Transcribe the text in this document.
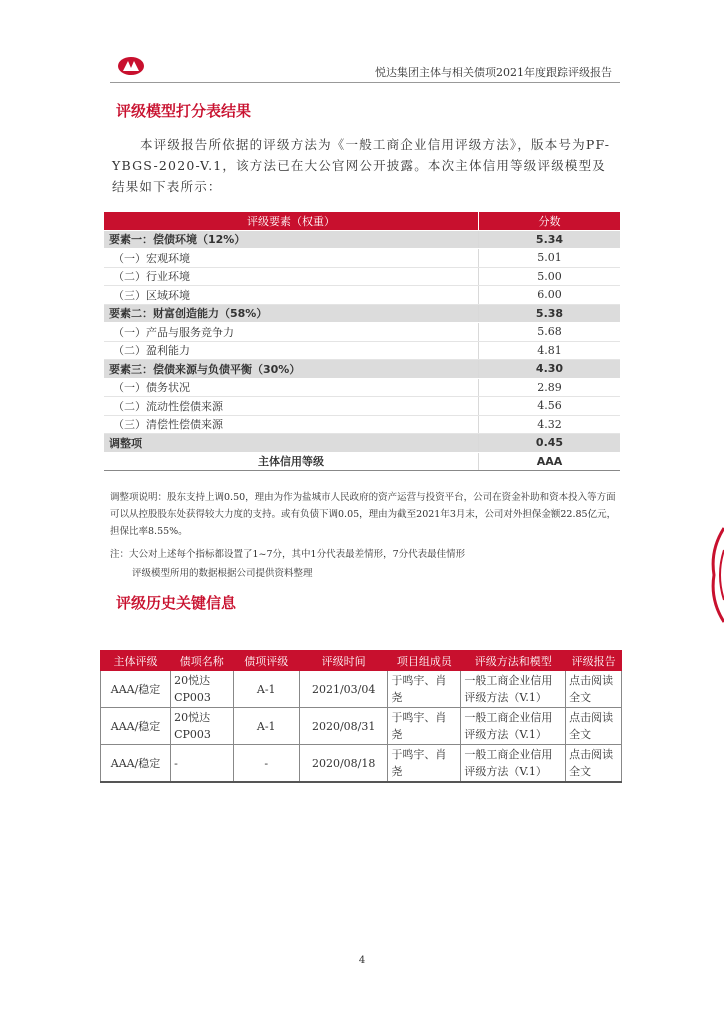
悦达集团主体与相关债项2021年度跟踪评级报告
评级模型打分表结果
本评级报告所依据的评级方法为《一般工商企业信用评级方法》，版本号为PF-YBGS-2020-V.1，该方法已在大公官网公开披露。本次主体信用等级评级模型及结果如下表所示：
评级要素（权重）	分数
要素一：偿债环境（12%）	5.34
（一）宏观环境	5.01
（二）行业环境	5.00
（三）区域环境	6.00
要素二：财富创造能力（58%）	5.38
（一）产品与服务竞争力	5.68
（二）盈利能力	4.81
要素三：偿债来源与负债平衡（30%）	4.30
（一）债务状况	2.89
（二）流动性偿债来源	4.56
（三）清偿性偿债来源	4.32
调整项	0.45
主体信用等级	AAA
调整项说明：股东支持上调0.50，理由为作为盐城市人民政府的资产运营与投资平台，公司在资金补助和资本投入等方面可以从控股股东处获得较大力度的支持。或有负债下调0.05，理由为截至2021年3月末，公司对外担保金额22.85亿元，担保比率8.55%。
注：大公对上述每个指标都设置了1~7分，其中1分代表最差情形，7分代表最佳情形
评级模型所用的数据根据公司提供资料整理
评级历史关键信息
主体评级	债项名称	债项评级	评级时间	项目组成员	评级方法和模型	评级报告
AAA/稳定	20悦达CP003	A-1	2021/03/04	于鸣宇、肖尧	一般工商企业信用评级方法（V.1）	点击阅读全文
AAA/稳定	20悦达CP003	A-1	2020/08/31	于鸣宇、肖尧	一般工商企业信用评级方法（V.1）	点击阅读全文
AAA/稳定	-	-	2020/08/18	于鸣宇、肖尧	一般工商企业信用评级方法（V.1）	点击阅读全文
4
